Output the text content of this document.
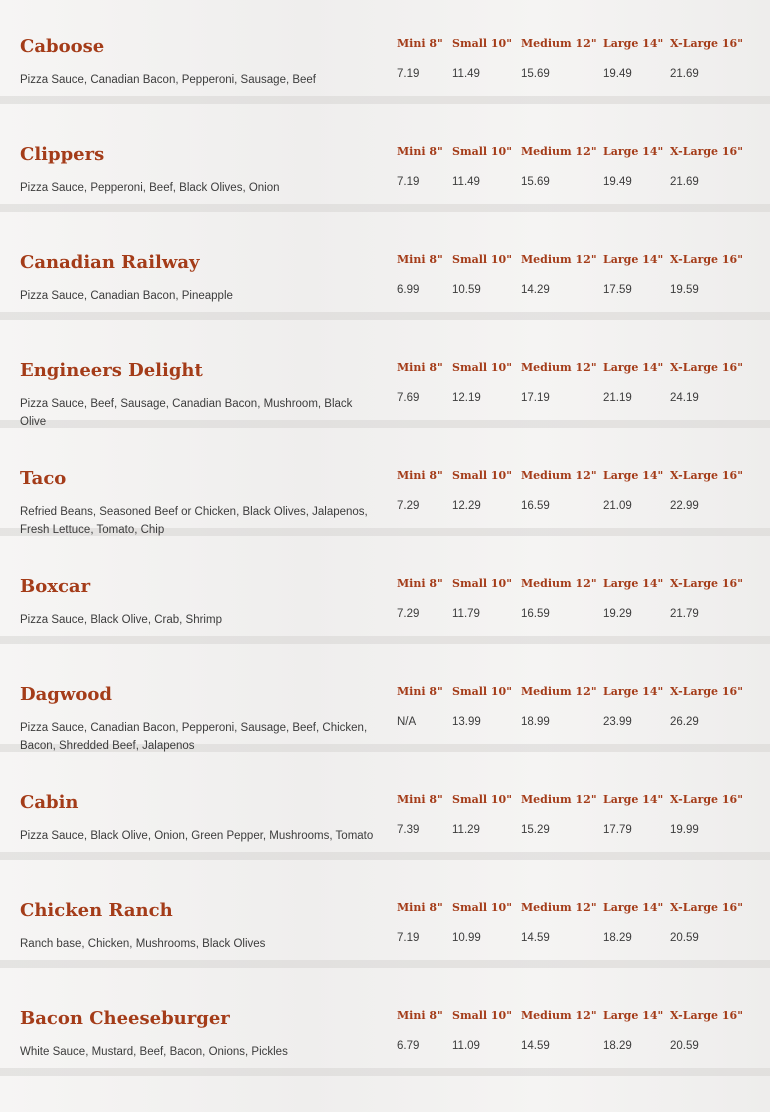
Caboose

Pizza Sauce, Canadian Bacon, Pepperoni, Sausage, Beef

Mini 8" Small 10" Medium 12" Large 14" X-Large 16"
7.19	11.49	15.69	19.49	21.69
Clippers

Pizza Sauce, Pepperoni, Beef, Black Olives, Onion

Mini 8" Small 10" Medium 12" Large 14" X-Large 16"
7.19	11.49	15.69	19.49	21.69
Canadian Railway

Pizza Sauce, Canadian Bacon, Pineapple

Mini 8" Small 10" Medium 12" Large 14" X-Large 16"
6.99	10.59	14.29	17.59	19.59
Engineers Delight

Pizza Sauce, Beef, Sausage, Canadian Bacon, Mushroom, Black Olive

Mini 8" Small 10" Medium 12" Large 14" X-Large 16"
7.69	12.19	17.19	21.19	24.19
Taco

Refried Beans, Seasoned Beef or Chicken, Black Olives, Jalapenos, Fresh Lettuce, Tomato, Chip

Mini 8" Small 10" Medium 12" Large 14" X-Large 16"
7.29	12.29	16.59	21.09	22.99
Boxcar

Pizza Sauce, Black Olive, Crab, Shrimp

Mini 8" Small 10" Medium 12" Large 14" X-Large 16"
7.29	11.79	16.59	19.29	21.79
Dagwood

Pizza Sauce, Canadian Bacon, Pepperoni, Sausage, Beef, Chicken, Bacon, Shredded Beef, Jalapenos

Mini 8" Small 10" Medium 12" Large 14" X-Large 16"
N/A	13.99	18.99	23.99	26.29
Cabin

Pizza Sauce, Black Olive, Onion, Green Pepper, Mushrooms, Tomato

Mini 8" Small 10" Medium 12" Large 14" X-Large 16"
7.39	11.29	15.29	17.79	19.99
Chicken Ranch

Ranch base, Chicken, Mushrooms, Black Olives

Mini 8" Small 10" Medium 12" Large 14" X-Large 16"
7.19	10.99	14.59	18.29	20.59
Bacon Cheeseburger

White Sauce, Mustard, Beef, Bacon, Onions, Pickles

Mini 8" Small 10" Medium 12" Large 14" X-Large 16"
6.79	11.09	14.59	18.29	20.59
